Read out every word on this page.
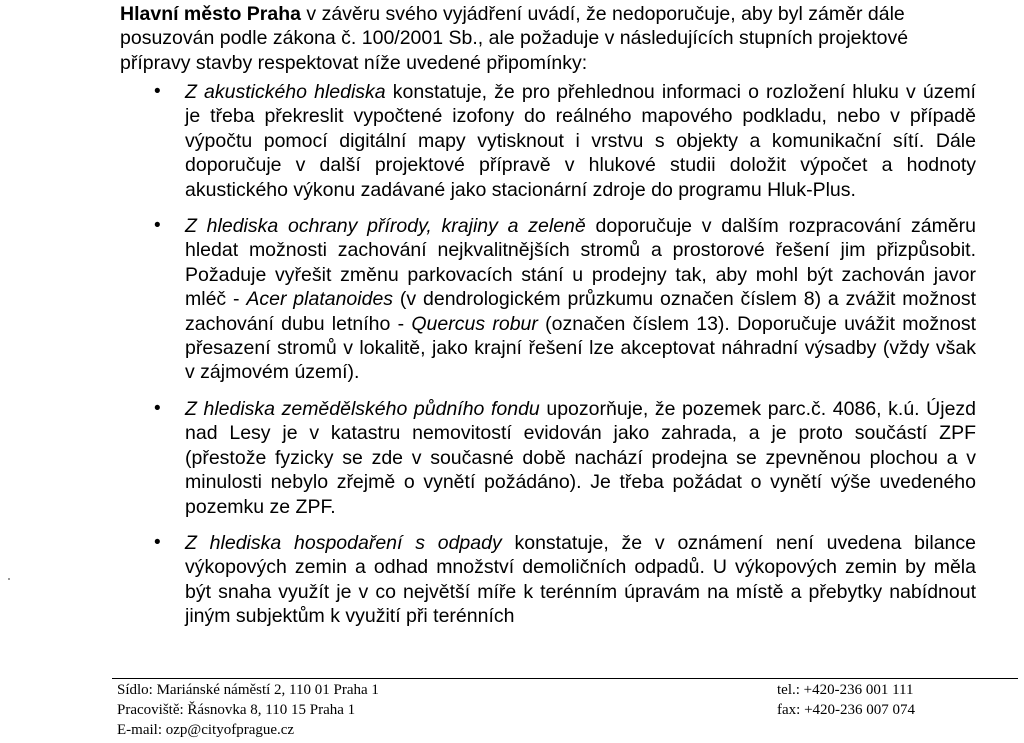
Hlavní město Praha v závěru svého vyjádření uvádí, že nedoporučuje, aby byl záměr dále posuzován podle zákona č. 100/2001 Sb., ale požaduje v následujících stupních projektové přípravy stavby respektovat níže uvedené připomínky:

• Z akustického hlediska konstatuje, že pro přehlednou informaci o rozložení hluku v území je třeba překreslit vypočtené izofony do reálného mapového podkladu, nebo v případě výpočtu pomocí digitální mapy vytisknout i vrstvu s objekty a komunikační sítí. Dále doporučuje v další projektové přípravě v hlukové studii doložit výpočet a hodnoty akustického výkonu zadávané jako stacionární zdroje do programu Hluk-Plus.
• Z hlediska ochrany přírody, krajiny a zeleně doporučuje v dalším rozpracování záměru hledat možnosti zachování nejkvalitnějších stromů a prostorové řešení jim přizpůsobit. Požaduje vyřešit změnu parkovacích stání u prodejny tak, aby mohl být zachován javor mléč - Acer platanoides (v dendrologickém průzkumu označen číslem 8) a zvážit možnost zachování dubu letního - Quercus robur (označen číslem 13). Doporučuje uvážit možnost přesazení stromů v lokalitě, jako krajní řešení lze akceptovat náhradní výsadby (vždy však v zájmovém území).
• Z hlediska zemědělského půdního fondu upozorňuje, že pozemek parc.č. 4086, k.ú. Újezd nad Lesy je v katastru nemovitostí evidován jako zahrada, a je proto součástí ZPF (přestože fyzicky se zde v současné době nachází prodejna se zpevněnou plochou a v minulosti nebylo zřejmě o vynětí požádáno). Je třeba požádat o vynětí výše uvedeného pozemku ze ZPF.
• Z hlediska hospodaření s odpady konstatuje, že v oznámení není uvedena bilance výkopových zemin a odhad množství demoličních odpadů. U výkopových zemin by měla být snaha využít je v co největší míře k terénním úpravám na místě a přebytky nabídnout jiným subjektům k využití při terénních
Sídlo: Mariánské náměstí 2, 110 01 Praha 1	tel.: +420-236 001 111
Pracoviště: Řásnovka 8, 110 15 Praha 1	fax: +420-236 007 074
E-mail: ozp@cityofprague.cz
